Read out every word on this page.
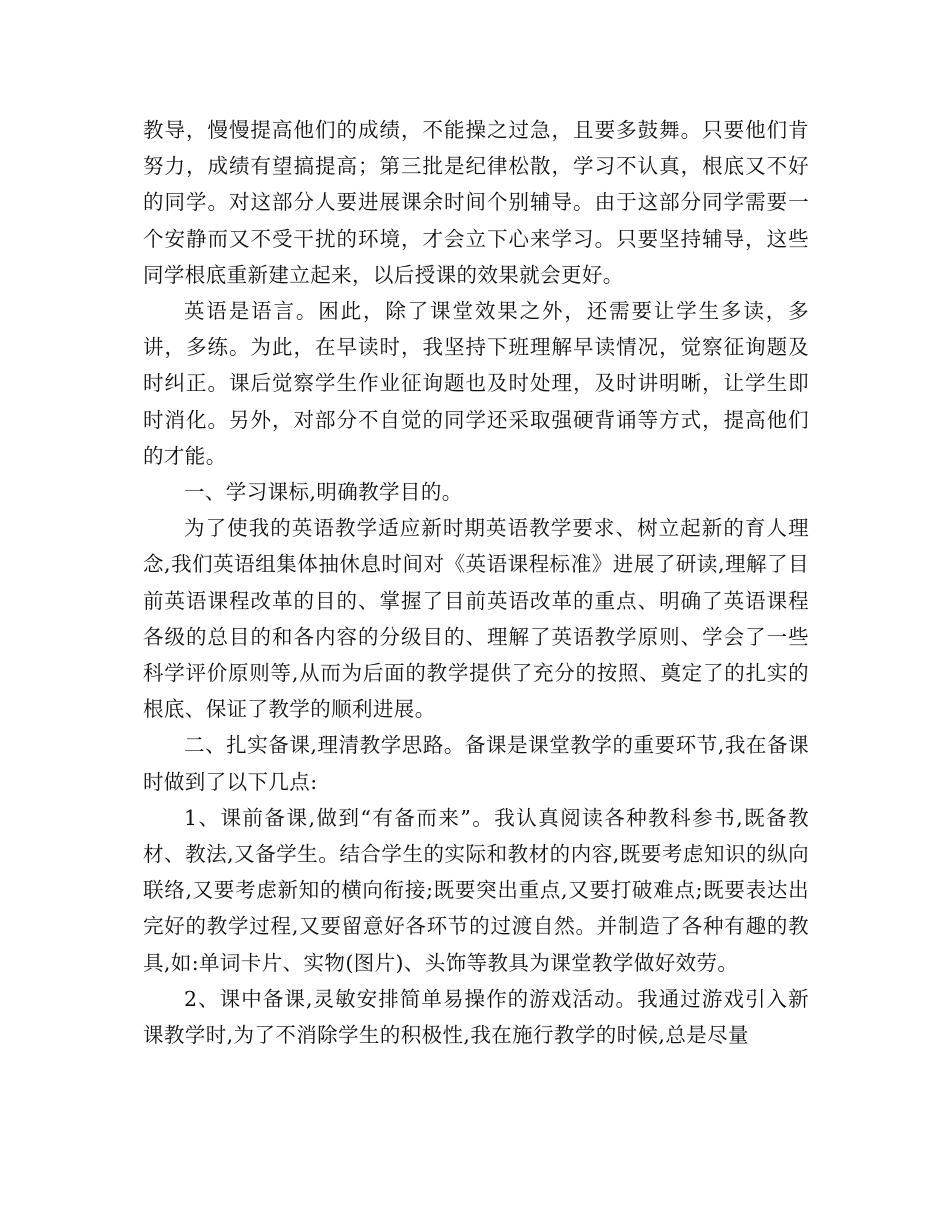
教导，慢慢提高他们的成绩，不能操之过急，且要多鼓舞。只要他们肯努力，成绩有望搞提高；第三批是纪律松散，学习不认真，根底又不好的同学。对这部分人要进展课余时间个别辅导。由于这部分同学需要一个安静而又不受干扰的环境，才会立下心来学习。只要坚持辅导，这些同学根底重新建立起来，以后授课的效果就会更好。

英语是语言。困此，除了课堂效果之外，还需要让学生多读，多讲，多练。为此，在早读时，我坚持下班理解早读情况，觉察征询题及时纠正。课后觉察学生作业征询题也及时处理，及时讲明晰，让学生即时消化。另外，对部分不自觉的同学还采取强硬背诵等方式，提高他们的才能。

一、学习课标,明确教学目的。

为了使我的英语教学适应新时期英语教学要求、树立起新的育人理念,我们英语组集体抽休息时间对《英语课程标准》进展了研读,理解了目前英语课程改革的目的、掌握了目前英语改革的重点、明确了英语课程各级的总目的和各内容的分级目的、理解了英语教学原则、学会了一些科学评价原则等,从而为后面的教学提供了充分的按照、奠定了的扎实的根底、保证了教学的顺利进展。

二、扎实备课,理清教学思路。备课是课堂教学的重要环节,我在备课时做到了以下几点:

1、课前备课,做到“有备而来”。我认真阅读各种教科参书,既备教材、教法,又备学生。结合学生的实际和教材的内容,既要考虑知识的纵向联络,又要考虑新知的横向衔接;既要突出重点,又要打破难点;既要表达出完好的教学过程,又要留意好各环节的过渡自然。并制造了各种有趣的教具,如:单词卡片、实物(图片)、头饰等教具为课堂教学做好效劳。

2、课中备课,灵敏安排简单易操作的游戏活动。我通过游戏引入新课教学时,为了不消除学生的积极性,我在施行教学的时候,总是尽量
